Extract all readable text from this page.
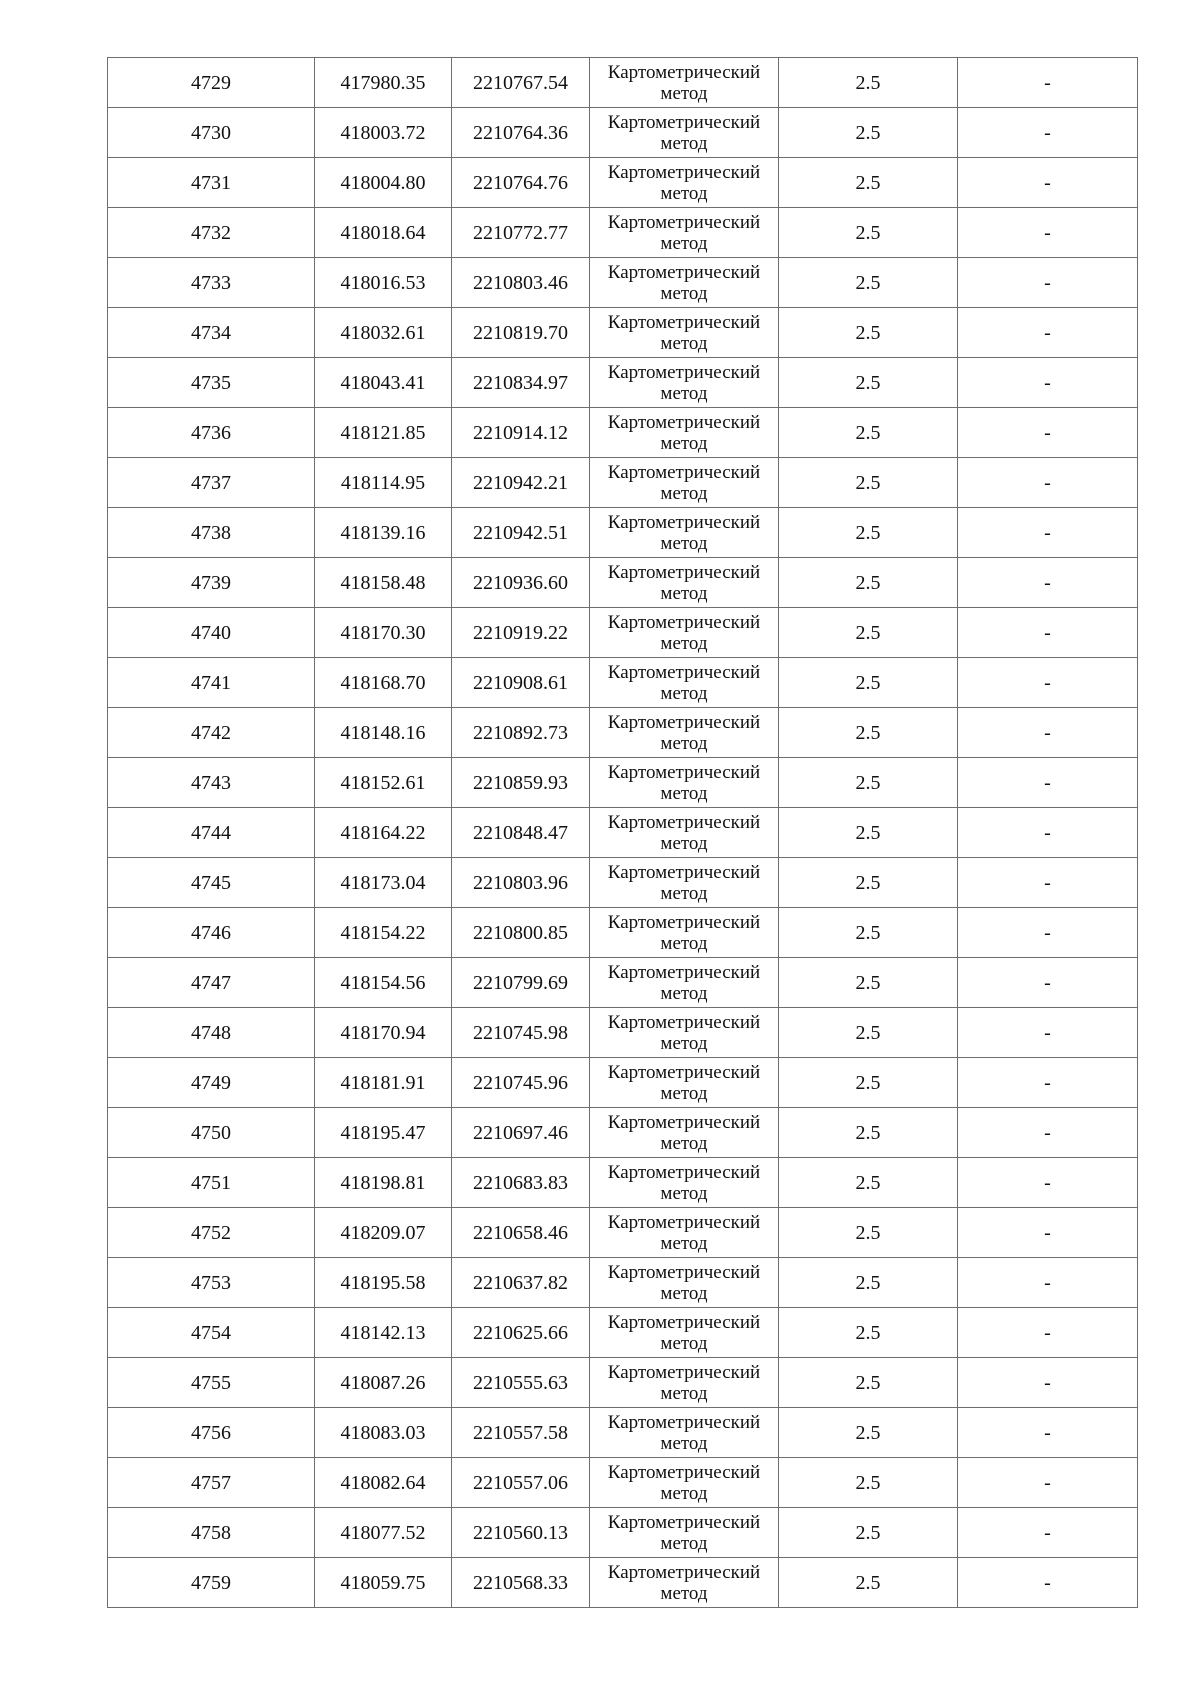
4729	417980.35	2210767.54	Картометрический
метод	2.5	-
4730	418003.72	2210764.36	Картометрический
метод	2.5	-
4731	418004.80	2210764.76	Картометрический
метод	2.5	-
4732	418018.64	2210772.77	Картометрический
метод	2.5	-
4733	418016.53	2210803.46	Картометрический
метод	2.5	-
4734	418032.61	2210819.70	Картометрический
метод	2.5	-
4735	418043.41	2210834.97	Картометрический
метод	2.5	-
4736	418121.85	2210914.12	Картометрический
метод	2.5	-
4737	418114.95	2210942.21	Картометрический
метод	2.5	-
4738	418139.16	2210942.51	Картометрический
метод	2.5	-
4739	418158.48	2210936.60	Картометрический
метод	2.5	-
4740	418170.30	2210919.22	Картометрический
метод	2.5	-
4741	418168.70	2210908.61	Картометрический
метод	2.5	-
4742	418148.16	2210892.73	Картометрический
метод	2.5	-
4743	418152.61	2210859.93	Картометрический
метод	2.5	-
4744	418164.22	2210848.47	Картометрический
метод	2.5	-
4745	418173.04	2210803.96	Картометрический
метод	2.5	-
4746	418154.22	2210800.85	Картометрический
метод	2.5	-
4747	418154.56	2210799.69	Картометрический
метод	2.5	-
4748	418170.94	2210745.98	Картометрический
метод	2.5	-
4749	418181.91	2210745.96	Картометрический
метод	2.5	-
4750	418195.47	2210697.46	Картометрический
метод	2.5	-
4751	418198.81	2210683.83	Картометрический
метод	2.5	-
4752	418209.07	2210658.46	Картометрический
метод	2.5	-
4753	418195.58	2210637.82	Картометрический
метод	2.5	-
4754	418142.13	2210625.66	Картометрический
метод	2.5	-
4755	418087.26	2210555.63	Картометрический
метод	2.5	-
4756	418083.03	2210557.58	Картометрический
метод	2.5	-
4757	418082.64	2210557.06	Картометрический
метод	2.5	-
4758	418077.52	2210560.13	Картометрический
метод	2.5	-
4759	418059.75	2210568.33	Картометрический
метод	2.5	-
